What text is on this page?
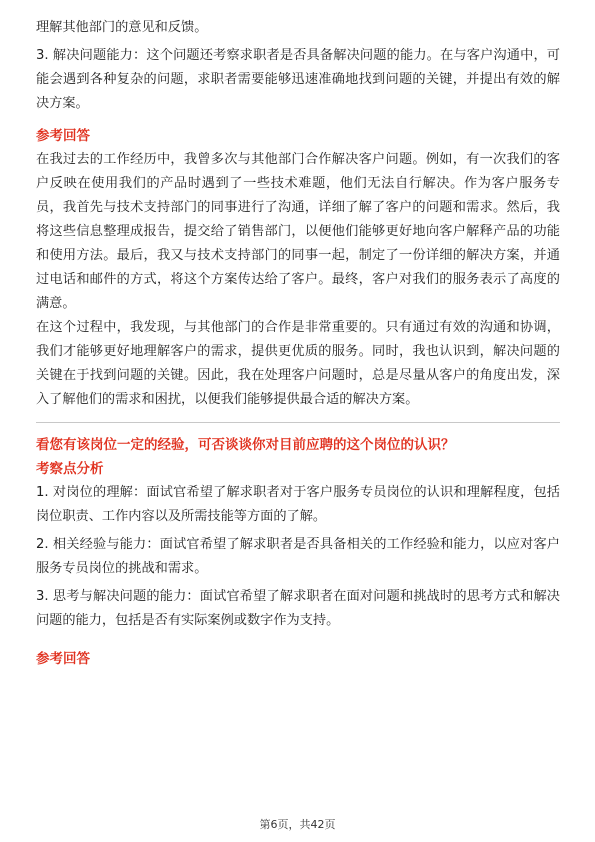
理解其他部门的意见和反馈。

3. 解决问题能力：这个问题还考察求职者是否具备解决问题的能力。在与客户沟通中，可能会遇到各种复杂的问题，求职者需要能够迅速准确地找到问题的关键，并提出有效的解决方案。

参考回答

在我过去的工作经历中，我曾多次与其他部门合作解决客户问题。例如，有一次我们的客户反映在使用我们的产品时遇到了一些技术难题，他们无法自行解决。作为客户服务专员，我首先与技术支持部门的同事进行了沟通，详细了解了客户的问题和需求。然后，我将这些信息整理成报告，提交给了销售部门，以便他们能够更好地向客户解释产品的功能和使用方法。最后，我又与技术支持部门的同事一起，制定了一份详细的解决方案，并通过电话和邮件的方式，将这个方案传达给了客户。最终，客户对我们的服务表示了高度的满意。

在这个过程中，我发现，与其他部门的合作是非常重要的。只有通过有效的沟通和协调，我们才能够更好地理解客户的需求，提供更优质的服务。同时，我也认识到，解决问题的关键在于找到问题的关键。因此，我在处理客户问题时，总是尽量从客户的角度出发，深入了解他们的需求和困扰，以便我们能够提供最合适的解决方案。

看您有该岗位一定的经验，可否谈谈你对目前应聘的这个岗位的认识？

考察点分析

1. 对岗位的理解：面试官希望了解求职者对于客户服务专员岗位的认识和理解程度，包括岗位职责、工作内容以及所需技能等方面的了解。

2. 相关经验与能力：面试官希望了解求职者是否具备相关的工作经验和能力，以应对客户服务专员岗位的挑战和需求。

3. 思考与解决问题的能力：面试官希望了解求职者在面对问题和挑战时的思考方式和解决问题的能力，包括是否有实际案例或数字作为支持。

参考回答

第6页，共42页
